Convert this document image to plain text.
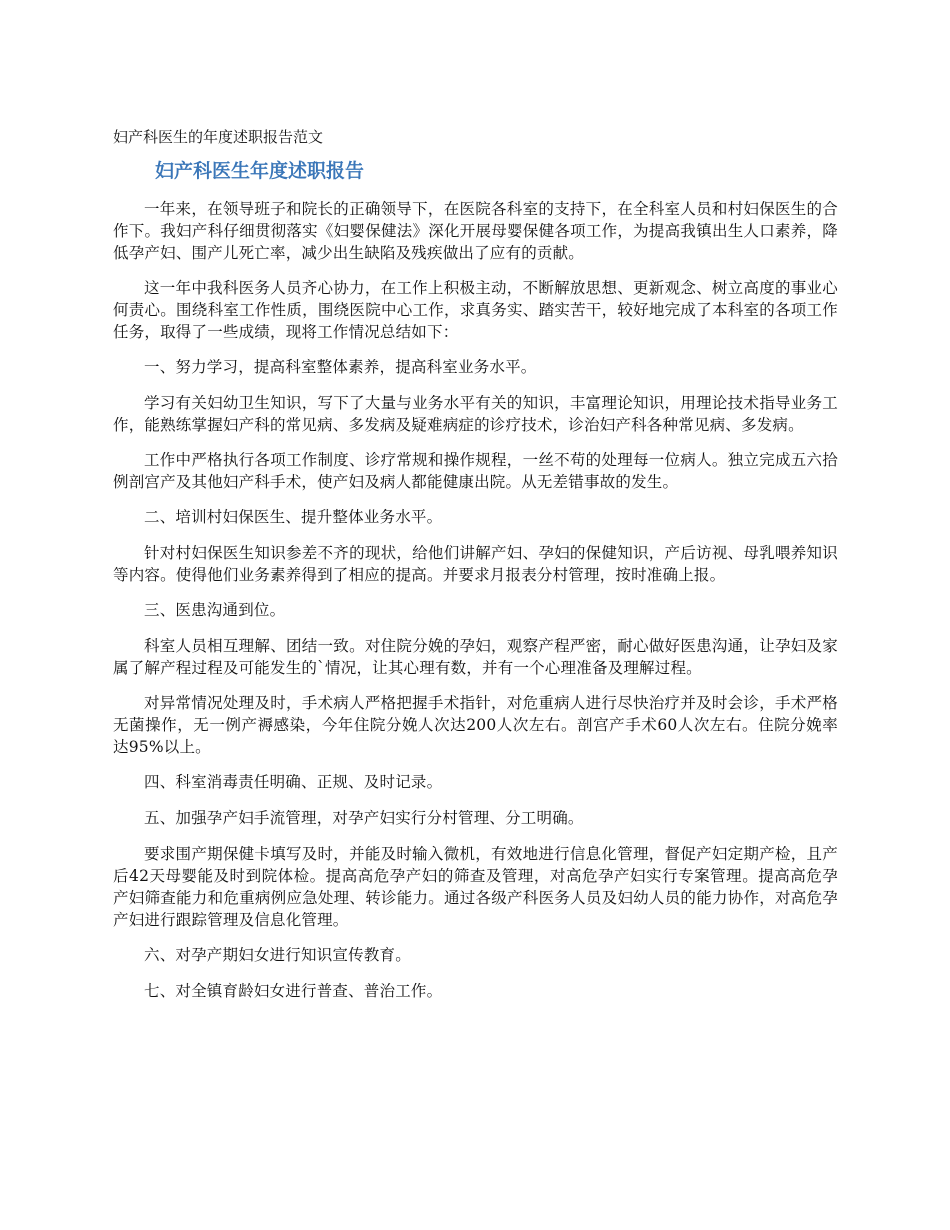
妇产科医生的年度述职报告范文

妇产科医生年度述职报告

一年来，在领导班子和院长的正确领导下，在医院各科室的支持下，在全科室人员和村妇保医生的合作下。我妇产科仔细贯彻落实《妇婴保健法》深化开展母婴保健各项工作，为提高我镇出生人口素养，降低孕产妇、围产儿死亡率，减少出生缺陷及残疾做出了应有的贡献。

这一年中我科医务人员齐心协力，在工作上积极主动，不断解放思想、更新观念、树立高度的事业心何责心。围绕科室工作性质，围绕医院中心工作，求真务实、踏实苦干，较好地完成了本科室的各项工作任务，取得了一些成绩，现将工作情况总结如下：

一、努力学习，提高科室整体素养，提高科室业务水平。

学习有关妇幼卫生知识，写下了大量与业务水平有关的知识，丰富理论知识，用理论技术指导业务工作，能熟练掌握妇产科的常见病、多发病及疑难病症的诊疗技术，诊治妇产科各种常见病、多发病。

工作中严格执行各项工作制度、诊疗常规和操作规程，一丝不苟的处理每一位病人。独立完成五六拾例剖宫产及其他妇产科手术，使产妇及病人都能健康出院。从无差错事故的发生。

二、培训村妇保医生、提升整体业务水平。

针对村妇保医生知识参差不齐的现状，给他们讲解产妇、孕妇的保健知识，产后访视、母乳喂养知识等内容。使得他们业务素养得到了相应的提高。并要求月报表分村管理，按时准确上报。

三、医患沟通到位。

科室人员相互理解、团结一致。对住院分娩的孕妇，观察产程严密，耐心做好医患沟通，让孕妇及家属了解产程过程及可能发生的`情况，让其心理有数，并有一个心理准备及理解过程。

对异常情况处理及时，手术病人严格把握手术指针，对危重病人进行尽快治疗并及时会诊，手术严格无菌操作，无一例产褥感染，今年住院分娩人次达200人次左右。剖宫产手术60人次左右。住院分娩率达95%以上。

四、科室消毒责任明确、正规、及时记录。

五、加强孕产妇手流管理，对孕产妇实行分村管理、分工明确。

要求围产期保健卡填写及时，并能及时输入微机，有效地进行信息化管理，督促产妇定期产检，且产后42天母婴能及时到院体检。提高高危孕产妇的筛查及管理，对高危孕产妇实行专案管理。提高高危孕产妇筛查能力和危重病例应急处理、转诊能力。通过各级产科医务人员及妇幼人员的能力协作，对高危孕产妇进行跟踪管理及信息化管理。

六、对孕产期妇女进行知识宣传教育。

七、对全镇育龄妇女进行普查、普治工作。
